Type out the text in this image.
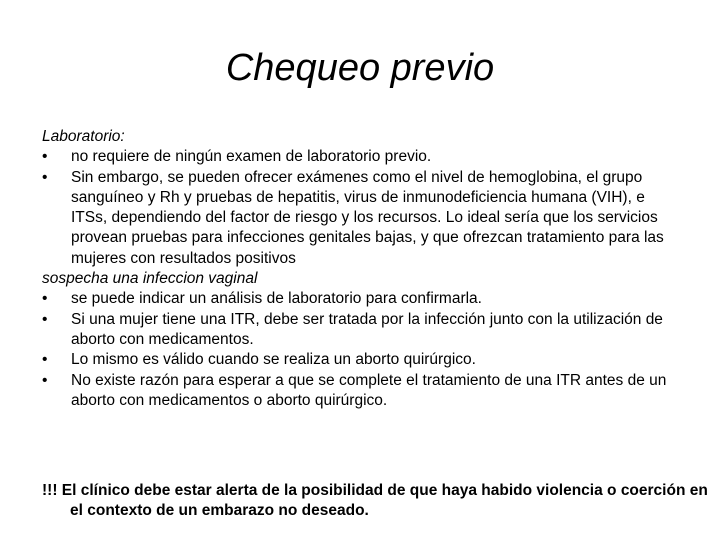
Chequeo previo
Laboratorio:
• no requiere de ningún examen de laboratorio previo.
• Sin embargo, se pueden ofrecer exámenes como el nivel de hemoglobina, el grupo sanguíneo y Rh y pruebas de hepatitis, virus de inmunodeficiencia humana (VIH), e ITSs, dependiendo del factor de riesgo y los recursos. Lo ideal sería que los servicios provean pruebas para infecciones genitales bajas, y que ofrezcan tratamiento para las mujeres con resultados positivos
sospecha una infeccion vaginal
• se puede indicar un análisis de laboratorio para confirmarla.
• Si una mujer tiene una ITR, debe ser tratada por la infección junto con la utilización de aborto con medicamentos.
• Lo mismo es válido cuando se realiza un aborto quirúrgico.
• No existe razón para esperar a que se complete el tratamiento de una ITR antes de un aborto con medicamentos o aborto quirúrgico.
!!! El clínico debe estar alerta de la posibilidad de que haya habido violencia o coerción en el contexto de un embarazo no deseado.
